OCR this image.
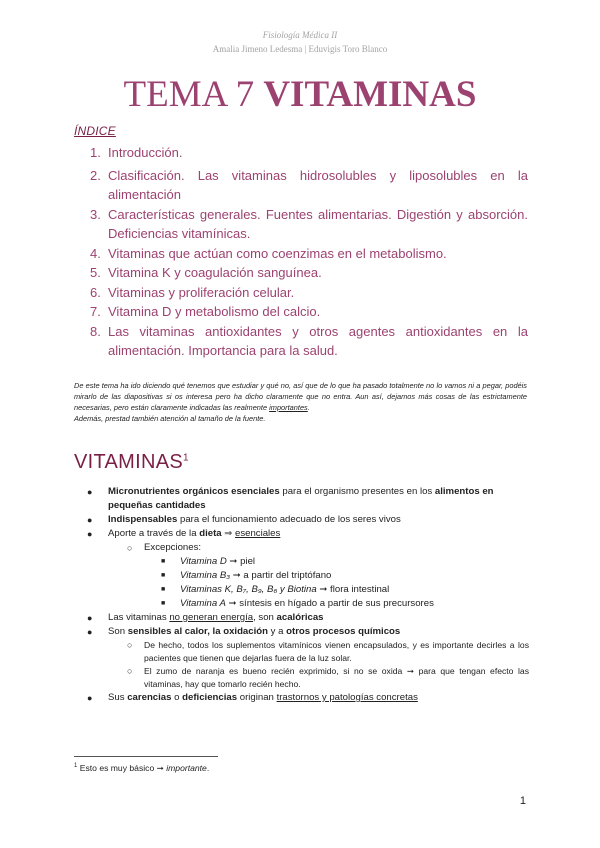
Fisiología Médica II
Amalia Jimeno Ledesma | Eduvigis Toro Blanco
TEMA 7 VITAMINAS
ÍNDICE
1. Introducción.
2. Clasificación. Las vitaminas hidrosolubles y liposolubles en la alimentación
3. Características generales. Fuentes alimentarias. Digestión y absorción. Deficiencias vitamínicas.
4. Vitaminas que actúan como coenzimas en el metabolismo.
5. Vitamina K y coagulación sanguínea.
6. Vitaminas y proliferación celular.
7. Vitamina D y metabolismo del calcio.
8. Las vitaminas antioxidantes y otros agentes antioxidantes en la alimentación. Importancia para la salud.
De este tema ha ido diciendo qué tenemos que estudiar y qué no, así que de lo que ha pasado totalmente no lo vamos ni a pegar, podéis mirarlo de las diapositivas si os interesa pero ha dicho claramente que no entra. Aun así, dejamos más cosas de las estrictamente necesarias, pero están claramente indicadas las realmente importantes.
Además, prestad también atención al tamaño de la fuente.
VITAMINAS$^1$
● Micronutrientes orgánicos esenciales para el organismo presentes en los alimentos en pequeñas cantidades
● Indispensables para el funcionamiento adecuado de los seres vivos
● Aporte a través de la dieta ⇒ esenciales
○ Excepciones:
■ Vitamina D ➞ piel
■ Vitamina B₃ ➞ a partir del triptófano
■ Vitaminas K, B₇, B₉, B₆ y Biotina ➞ flora intestinal
■ Vitamina A ➞ síntesis en hígado a partir de sus precursores
● Las vitaminas no generan energía, son acalóricas
● Son sensibles al calor, la oxidación y a otros procesos químicos
○ De hecho, todos los suplementos vitamínicos vienen encapsulados, y es importante decirles a los pacientes que tienen que dejarlas fuera de la luz solar.
○ El zumo de naranja es bueno recién exprimido, si no se oxida ➞ para que tengan efecto las vitaminas, hay que tomarlo recién hecho.
● Sus carencias o deficiencias originan trastornos y patologías concretas
$^1$ Esto es muy básico ➞ importante.
1
